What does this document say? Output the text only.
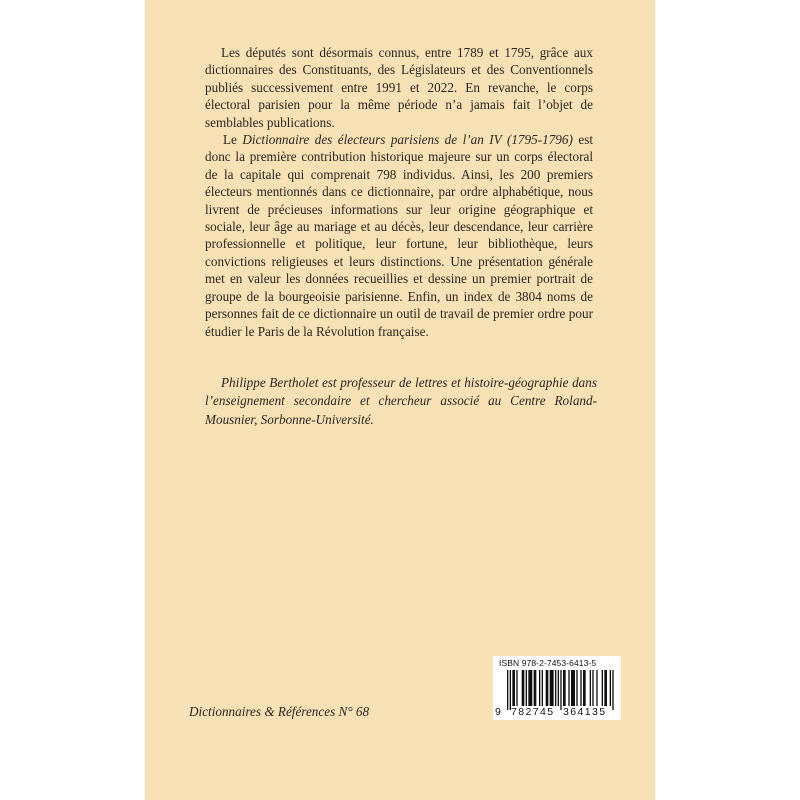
Les députés sont désormais connus, entre 1789 et 1795, grâce aux dictionnaires des Constituants, des Législateurs et des Conventionnels publiés successivement entre 1991 et 2022. En revanche, le corps électoral parisien pour la même période n’a jamais fait l’objet de semblables publications.

Le Dictionnaire des électeurs parisiens de l’an IV (1795-1796) est donc la première contribution historique majeure sur un corps électoral de la capitale qui comprenait 798 individus. Ainsi, les 200 premiers électeurs mentionnés dans ce dictionnaire, par ordre alphabétique, nous livrent de précieuses informations sur leur origine géographique et sociale, leur âge au mariage et au décès, leur descendance, leur carrière professionnelle et politique, leur fortune, leur bibliothèque, leurs convictions religieuses et leurs distinctions. Une présentation générale met en valeur les données recueillies et dessine un premier portrait de groupe de la bourgeoisie parisienne. Enfin, un index de 3804 noms de personnes fait de ce dictionnaire un outil de travail de premier ordre pour étudier le Paris de la Révolution française.

Philippe Bertholet est professeur de lettres et histoire-géographie dans l’enseignement secondaire et chercheur associé au Centre Roland-Mousnier, Sorbonne-Université.
Dictionnaires & Références N° 68
ISBN 978-2-7453-6413-5
9 782745 364135
